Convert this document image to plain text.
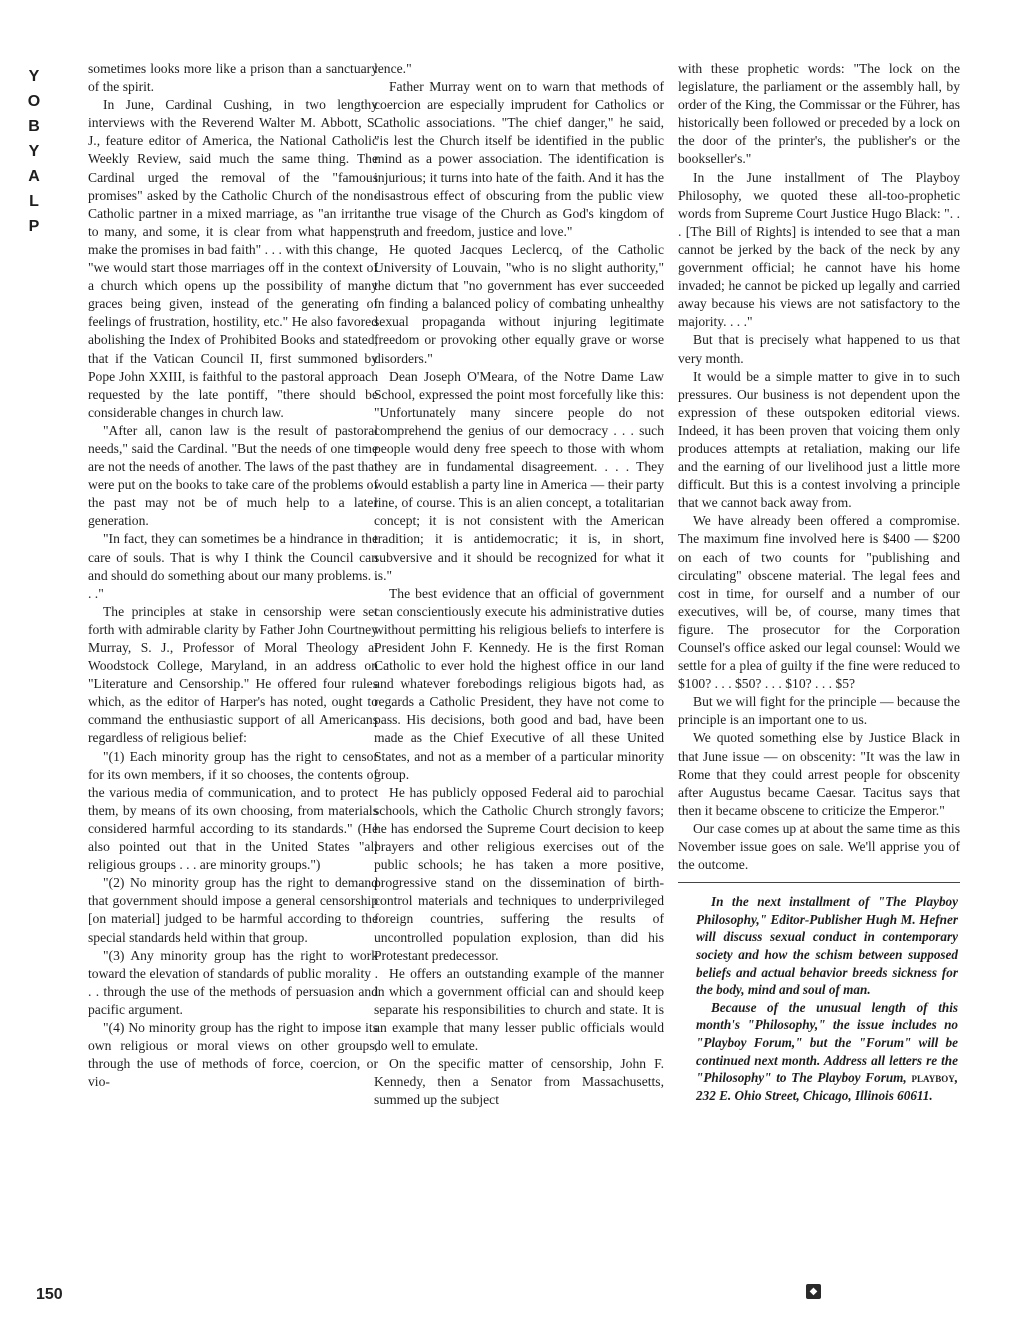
Y
O
B
Y
A
L
P

sometimes looks more like a prison than a sanctuary of the spirit.

In June, Cardinal Cushing, in two lengthy interviews with the Reverend Walter M. Abbott, S. J., feature editor of America, the National Catholic Weekly Review, said much the same thing. The Cardinal urged the removal of the "famous promises" asked by the Catholic Church of the non-Catholic partner in a mixed marriage, as "an irritant to many, and some, it is clear from what happens, make the promises in bad faith" . . . with this change, "we would start those marriages off in the context of a church which opens up the possibility of many graces being given, instead of the generating of feelings of frustration, hostility, etc." He also favored abolishing the Index of Prohibited Books and stated, that if the Vatican Council II, first summoned by Pope John XXIII, is faithful to the pastoral approach requested by the late pontiff, "there should be considerable changes in church law.

"After all, canon law is the result of pastoral needs," said the Cardinal. "But the needs of one time are not the needs of another. The laws of the past that were put on the books to take care of the problems of the past may not be of much help to a later generation.

"In fact, they can sometimes be a hindrance in the care of souls. That is why I think the Council can and should do something about our many problems. . . ."

The principles at stake in censorship were set forth with admirable clarity by Father John Courtney Murray, S. J., Professor of Moral Theology at Woodstock College, Maryland, in an address on "Literature and Censorship." He offered four rules which, as the editor of Harper's has noted, ought to command the enthusiastic support of all Americans regardless of religious belief:

"(1) Each minority group has the right to censor for its own members, if it so chooses, the contents of the various media of communication, and to protect them, by means of its own choosing, from materials considered harmful according to its standards." (He also pointed out that in the United States "all religious groups . . . are minority groups.")

"(2) No minority group has the right to demand that government should impose a general censorship [on material] judged to be harmful according to the special standards held within that group.

"(3) Any minority group has the right to work toward the elevation of standards of public morality . . . through the use of the methods of persuasion and pacific argument.

"(4) No minority group has the right to impose its own religious or moral views on other groups, through the use of methods of force, coercion, or vio-

lence."

Father Murray went on to warn that methods of coercion are especially imprudent for Catholics or Catholic associations. "The chief danger," he said, "is lest the Church itself be identified in the public mind as a power association. The identification is injurious; it turns into hate of the faith. And it has the disastrous effect of obscuring from the public view the true visage of the Church as God's kingdom of truth and freedom, justice and love."

He quoted Jacques Leclercq, of the Catholic University of Louvain, "who is no slight authority," the dictum that "no government has ever succeeded in finding a balanced policy of combating unhealthy sexual propaganda without injuring legitimate freedom or provoking other equally grave or worse disorders."

Dean Joseph O'Meara, of the Notre Dame Law School, expressed the point most forcefully like this: "Unfortunately many sincere people do not comprehend the genius of our democracy . . . such people would deny free speech to those with whom they are in fundamental disagreement. . . . They would establish a party line in America — their party line, of course. This is an alien concept, a totalitarian concept; it is not consistent with the American tradition; it is antidemocratic; it is, in short, subversive and it should be recognized for what it is."

The best evidence that an official of government can conscientiously execute his administrative duties without permitting his religious beliefs to interfere is President John F. Kennedy. He is the first Roman Catholic to ever hold the highest office in our land and whatever forebodings religious bigots had, as regards a Catholic President, they have not come to pass. His decisions, both good and bad, have been made as the Chief Executive of all these United States, and not as a member of a particular minority group.

He has publicly opposed Federal aid to parochial schools, which the Catholic Church strongly favors; he has endorsed the Supreme Court decision to keep prayers and other religious exercises out of the public schools; he has taken a more positive, progressive stand on the dissemination of birth-control materials and techniques to underprivileged foreign countries, suffering the results of uncontrolled population explosion, than did his Protestant predecessor.

He offers an outstanding example of the manner in which a government official can and should keep separate his responsibilities to church and state. It is an example that many lesser public officials would do well to emulate.

On the specific matter of censorship, John F. Kennedy, then a Senator from Massachusetts, summed up the subject

with these prophetic words: "The lock on the legislature, the parliament or the assembly hall, by order of the King, the Commissar or the Führer, has historically been followed or preceded by a lock on the door of the printer's, the publisher's or the bookseller's."

In the June installment of The Playboy Philosophy, we quoted these all-too-prophetic words from Supreme Court Justice Hugo Black: ". . . [The Bill of Rights] is intended to see that a man cannot be jerked by the back of the neck by any government official; he cannot have his home invaded; he cannot be picked up legally and carried away because his views are not satisfactory to the majority. . . ."

But that is precisely what happened to us that very month.

It would be a simple matter to give in to such pressures. Our business is not dependent upon the expression of these outspoken editorial views. Indeed, it has been proven that voicing them only produces attempts at retaliation, making our life and the earning of our livelihood just a little more difficult. But this is a contest involving a principle that we cannot back away from.

We have already been offered a compromise. The maximum fine involved here is $400 — $200 on each of two counts for "publishing and circulating" obscene material. The legal fees and cost in time, for ourself and a number of our executives, will be, of course, many times that figure. The prosecutor for the Corporation Counsel's office asked our legal counsel: Would we settle for a plea of guilty if the fine were reduced to $100? . . . $50? . . . $10? . . . $5?

But we will fight for the principle — because the principle is an important one to us.

We quoted something else by Justice Black in that June issue — on obscenity: "It was the law in Rome that they could arrest people for obscenity after Augustus became Caesar. Tacitus says that then it became obscene to criticize the Emperor."

Our case comes up at about the same time as this November issue goes on sale. We'll apprise you of the outcome.

In the next installment of "The Playboy Philosophy," Editor-Publisher Hugh M. Hefner will discuss sexual conduct in contemporary society and how the schism between supposed beliefs and actual behavior breeds sickness for the body, mind and soul of man.

Because of the unusual length of this month's "Philosophy," the issue includes no "Playboy Forum," but the "Forum" will be continued next month. Address all letters re the "Philosophy" to The Playboy Forum, playboy, 232 E. Ohio Street, Chicago, Illinois 60611.

◆
150
